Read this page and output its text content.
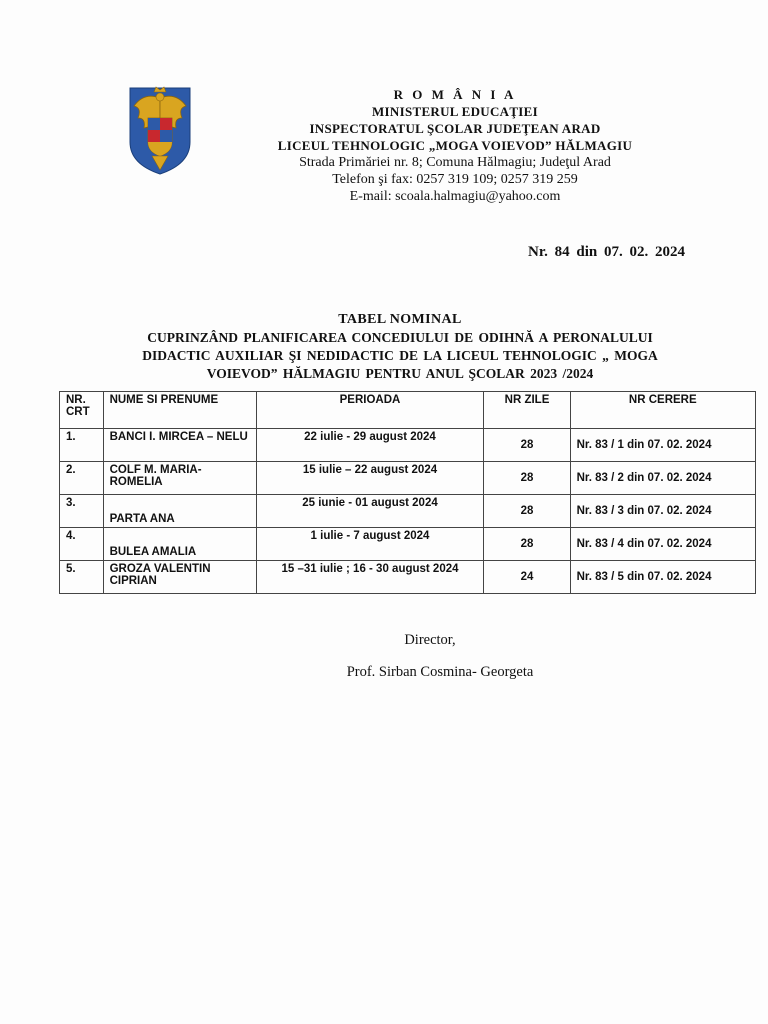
R O M Â N I A
MINISTERUL EDUCAŢIEI
INSPECTORATUL ŞCOLAR JUDEŢEAN ARAD
LICEUL TEHNOLOGIC „MOGA VOIEVOD” HĂLMAGIU
Strada Primăriei nr. 8; Comuna Hălmagiu; Judeţul Arad
Telefon şi fax: 0257 319 109; 0257 319 259
E-mail: scoala.halmagiu@yahoo.com
Nr. 84 din 07. 02. 2024
TABEL NOMINAL
CUPRINZÂND PLANIFICAREA CONCEDIULUI DE ODIHNĂ A PERONALULUI
DIDACTIC AUXILIAR ŞI NEDIDACTIC DE LA LICEUL TEHNOLOGIC „ MOGA
VOIEVOD” HĂLMAGIU PENTRU ANUL ŞCOLAR 2023 /2024
NR. CRT	NUME SI PRENUME	PERIOADA	NR ZILE	NR CERERE
1.	BANCI I. MIRCEA – NELU	22 iulie - 29 august 2024	28	Nr. 83 / 1 din 07. 02. 2024
2.	COLF M. MARIA-ROMELIA	15 iulie – 22 august 2024	28	Nr. 83 / 2 din 07. 02. 2024
3.	PARTA ANA	25 iunie - 01 august 2024	28	Nr. 83 / 3 din 07. 02. 2024
4.	BULEA AMALIA	1 iulie - 7 august 2024	28	Nr. 83 / 4 din 07. 02. 2024
5.	GROZA VALENTIN CIPRIAN	15 –31 iulie ; 16 - 30 august 2024	24	Nr. 83 / 5 din 07. 02. 2024
Director,
Prof. Sirban Cosmina- Georgeta
